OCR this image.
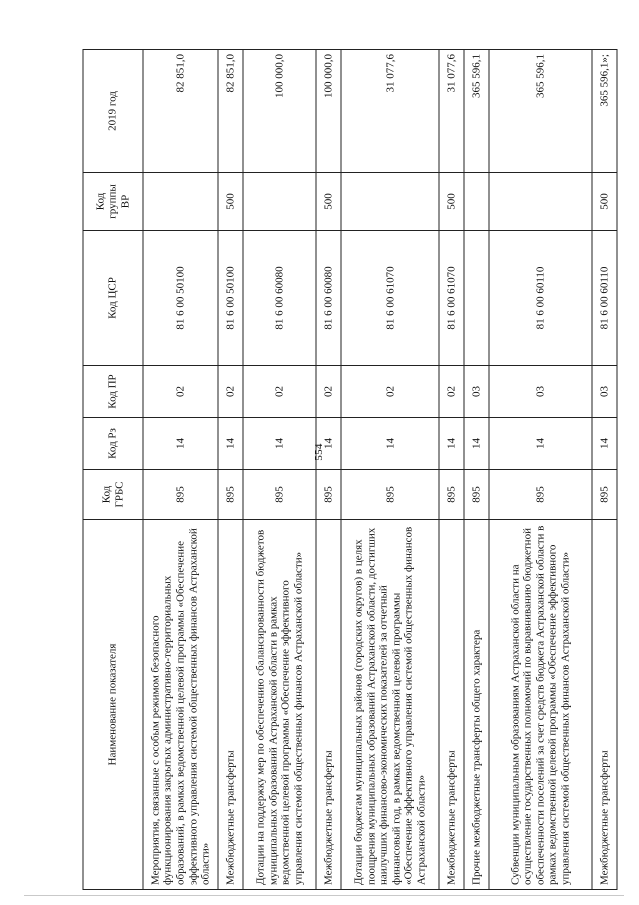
554
Наименование показателя	Код ГРБС	Код Рз	Код ПР	Код ЦСР	Код группы ВР	2019 год
Мероприятия, связанные с особым режимом безопасного функционирования закрытых административно-территориальных образований, в рамках ведомственной целевой программы «Обеспечение эффективного управления системой общественных финансов Астраханской области»	895	14	02	81 6 00 50100		82 851,0
Межбюджетные трансферты	895	14	02	81 6 00 50100	500	82 851,0
Дотации на поддержку мер по обеспечению сбалансированности бюджетов муниципальных образований Астраханской области в рамках ведомственной целевой программы «Обеспечение эффективного управления системой общественных финансов Астраханской области»	895	14	02	81 6 00 60080		100 000,0
Межбюджетные трансферты	895	14	02	81 6 00 60080	500	100 000,0
Дотации бюджетам муниципальных районов (городских округов) в целях поощрения муниципальных образований Астраханской области, достигших наилучших финансово-экономических показателей за отчетный финансовый год, в рамках ведомственной целевой программы «Обеспечение эффективного управления системой общественных финансов Астраханской области»	895	14	02	81 6 00 61070		31 077,6
Межбюджетные трансферты	895	14	02	81 6 00 61070	500	31 077,6
Прочие межбюджетные трансферты общего характера	895	14	03			365 596,1
Субвенции муниципальным образованиям Астраханской области на осуществление государственных полномочий по выравниванию бюджетной обеспеченности поселений за счет средств бюджета Астраханской области в рамках ведомственной целевой программы «Обеспечение эффективного управления системой общественных финансов Астраханской области»	895	14	03	81 6 00 60110		365 596,1
Межбюджетные трансферты	895	14	03	81 6 00 60110	500	365 596,1»;
